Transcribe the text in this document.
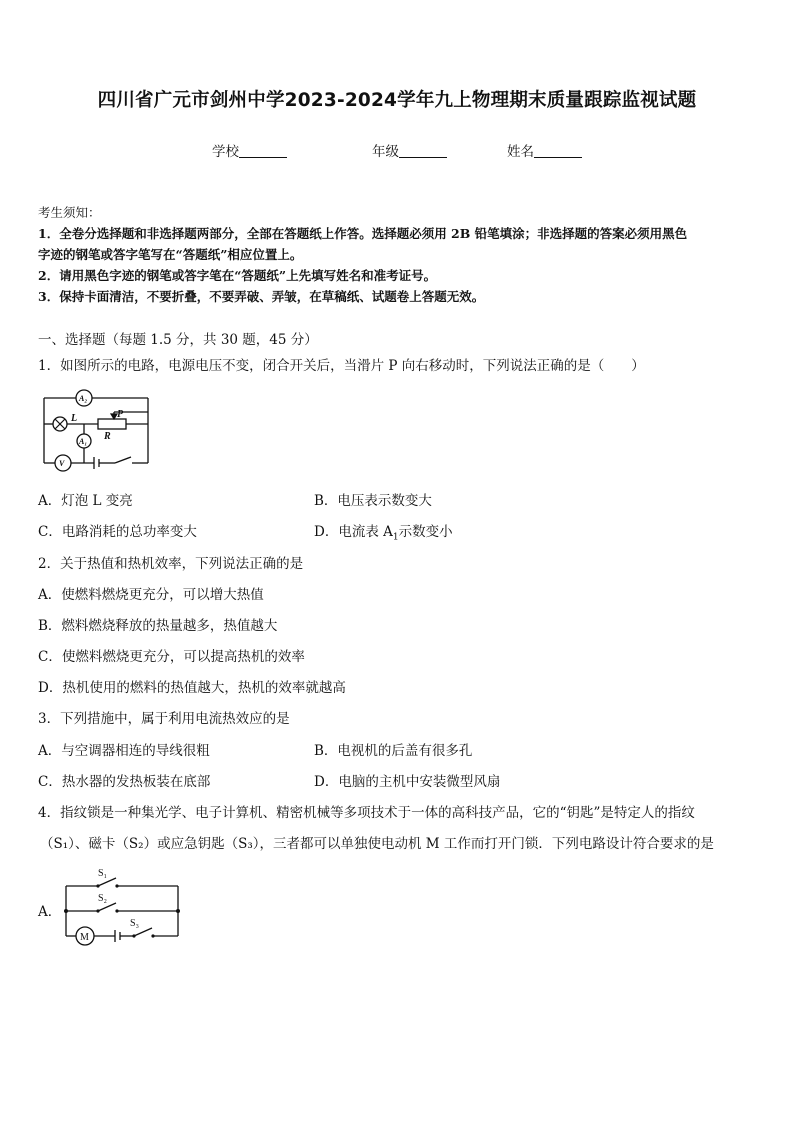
四川省广元市剑州中学2023-2024学年九上物理期末质量跟踪监视试题
学校	年级	姓名
考生须知：
1．全卷分选择题和非选择题两部分，全部在答题纸上作答。选择题必须用 2B 铅笔填涂；非选择题的答案必须用黑色
字迹的钢笔或答字笔写在“答题纸”相应位置上。
2．请用黑色字迹的钢笔或答字笔在“答题纸”上先填写姓名和准考证号。
3．保持卡面清洁，不要折叠，不要弄破、弄皱，在草稿纸、试题卷上答题无效。
一、选择题（每题 1.5 分，共 30 题，45 分）
1．如图所示的电路，电源电压不变，闭合开关后，当滑片 P 向右移动时，下列说法正确的是（　　）
A₂
A₁
V
L	P
R
A．灯泡 L 变亮	B．电压表示数变大
C．电路消耗的总功率变大	D．电流表 $A_1$示数变小
2．关于热值和热机效率，下列说法正确的是
A．使燃料燃烧更充分，可以增大热值
B．燃料燃烧释放的热量越多，热值越大
C．使燃料燃烧更充分，可以提高热机的效率
D．热机使用的燃料的热值越大，热机的效率就越高
3．下列措施中，属于利用电流热效应的是
A．与空调器相连的导线很粗	B．电视机的后盖有很多孔
C．热水器的发热板装在底部	D．电脑的主机中安装微型风扇
4．指纹锁是一种集光学、电子计算机、精密机械等多项技术于一体的高科技产品，它的“钥匙”是特定人的指纹
（S₁）、磁卡（S₂）或应急钥匙（S₃），三者都可以单独使电动机 M 工作而打开门锁．下列电路设计符合要求的是
A．
M
S₁
S₂
S₃
